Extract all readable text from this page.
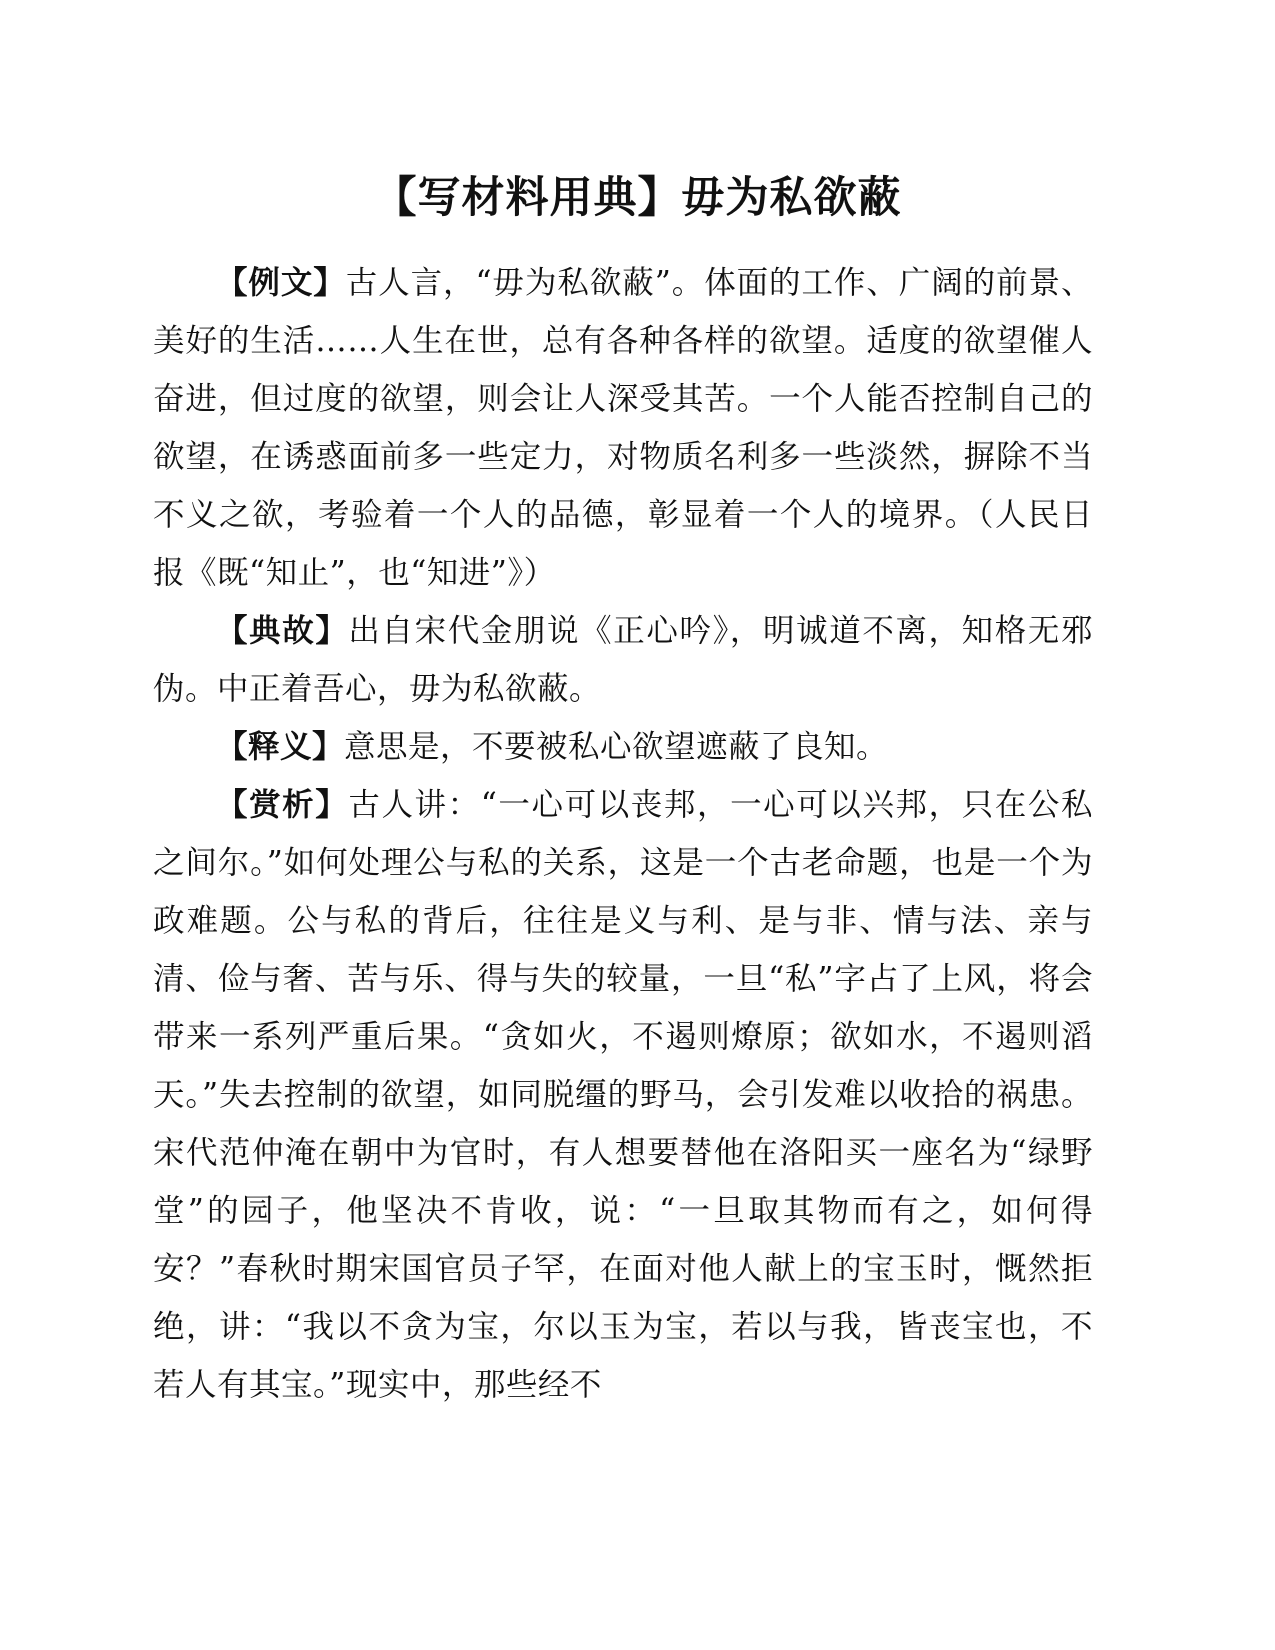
【写材料用典】毋为私欲蔽

【例文】古人言，“毋为私欲蔽”。体面的工作、广阔的前景、美好的生活……人生在世，总有各种各样的欲望。适度的欲望催人奋进，但过度的欲望，则会让人深受其苦。一个人能否控制自己的欲望，在诱惑面前多一些定力，对物质名利多一些淡然，摒除不当不义之欲，考验着一个人的品德，彰显着一个人的境界。（人民日报《既“知止”，也“知进”》）

【典故】出自宋代金朋说《正心吟》，明诚道不离，知格无邪伪。中正着吾心，毋为私欲蔽。

【释义】意思是，不要被私心欲望遮蔽了良知。

【赏析】古人讲：“一心可以丧邦，一心可以兴邦，只在公私之间尔。”如何处理公与私的关系，这是一个古老命题，也是一个为政难题。公与私的背后，往往是义与利、是与非、情与法、亲与清、俭与奢、苦与乐、得与失的较量，一旦“私”字占了上风，将会带来一系列严重后果。“贪如火，不遏则燎原；欲如水，不遏则滔天。”失去控制的欲望，如同脱缰的野马，会引发难以收拾的祸患。宋代范仲淹在朝中为官时，有人想要替他在洛阳买一座名为“绿野堂”的园子，他坚决不肯收，说：“一旦取其物而有之，如何得安？”春秋时期宋国官员子罕，在面对他人献上的宝玉时，慨然拒绝，讲：“我以不贪为宝，尔以玉为宝，若以与我，皆丧宝也，不若人有其宝。”现实中，那些经不
